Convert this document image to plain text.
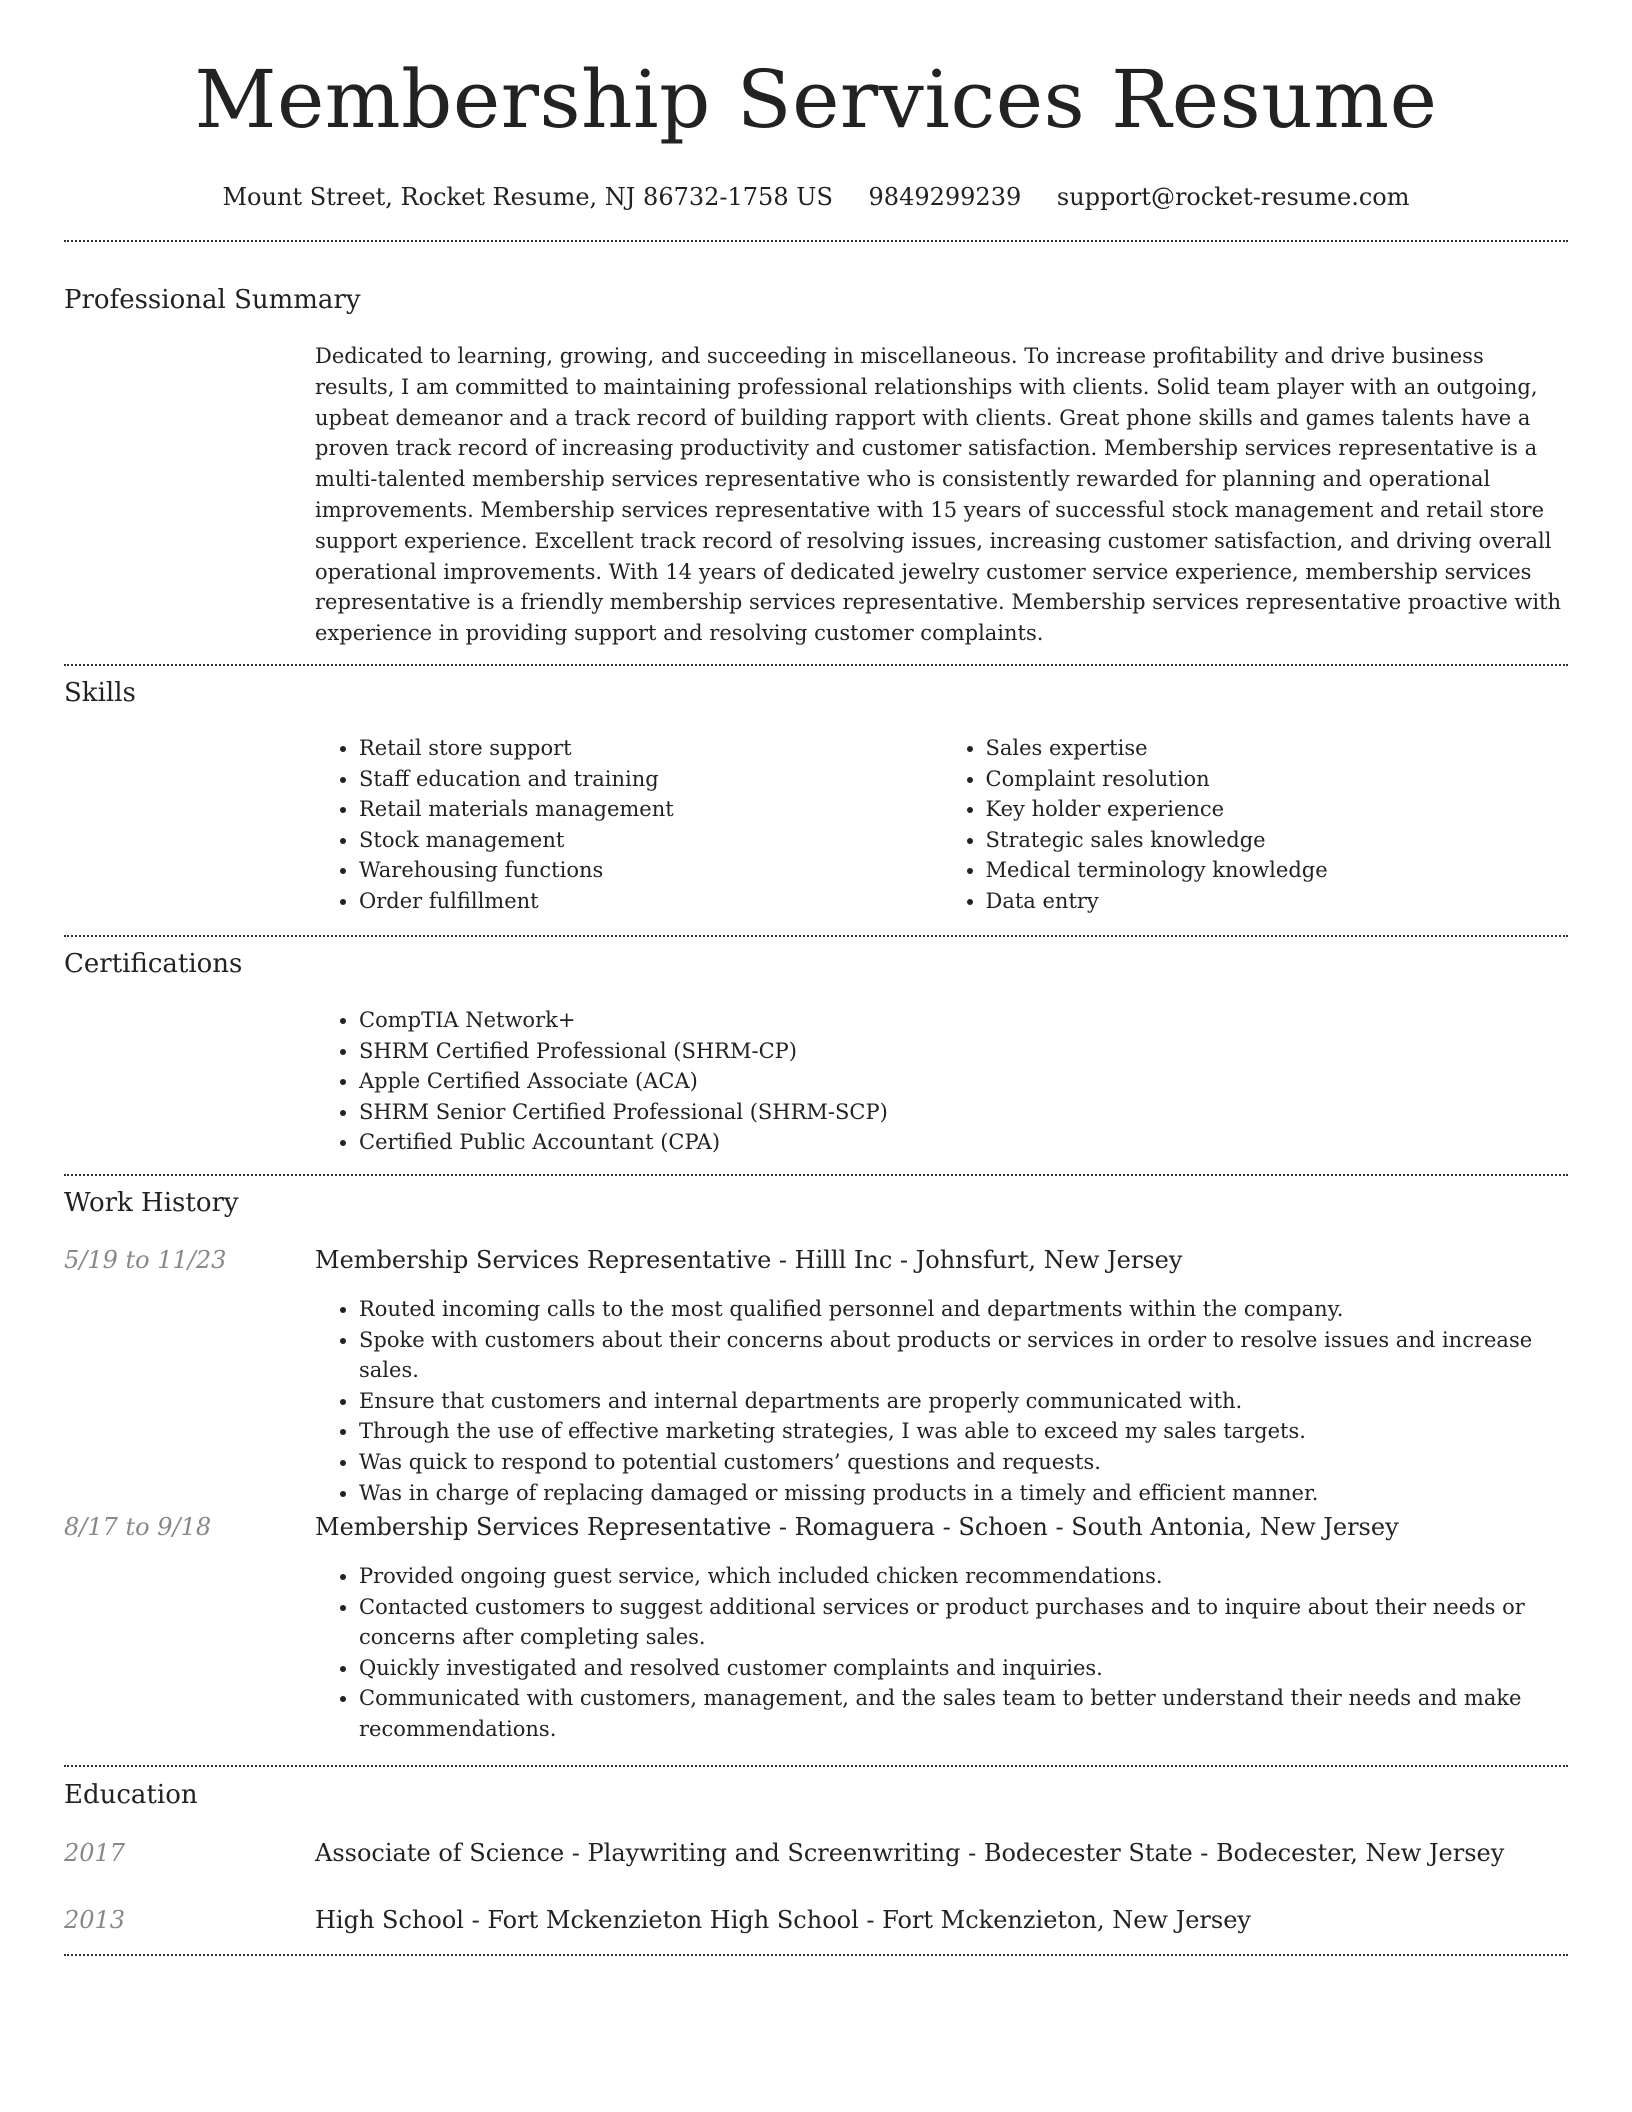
Membership Services Resume
Mount Street, Rocket Resume, NJ 86732-1758 US 9849299239 support@rocket-resume.com
Professional Summary
Dedicated to learning, growing, and succeeding in miscellaneous. To increase profitability and drive business results, I am committed to maintaining professional relationships with clients. Solid team player with an outgoing, upbeat demeanor and a track record of building rapport with clients. Great phone skills and games talents have a proven track record of increasing productivity and customer satisfaction. Membership services representative is a multi-talented membership services representative who is consistently rewarded for planning and operational improvements. Membership services representative with 15 years of successful stock management and retail store support experience. Excellent track record of resolving issues, increasing customer satisfaction, and driving overall operational improvements. With 14 years of dedicated jewelry customer service experience, membership services representative is a friendly membership services representative. Membership services representative proactive with experience in providing support and resolving customer complaints.
Skills
• Retail store support
• Staff education and training
• Retail materials management
• Stock management
• Warehousing functions
• Order fulfillment
• Sales expertise
• Complaint resolution
• Key holder experience
• Strategic sales knowledge
• Medical terminology knowledge
• Data entry
Certifications
• CompTIA Network+
• SHRM Certified Professional (SHRM-CP)
• Apple Certified Associate (ACA)
• SHRM Senior Certified Professional (SHRM-SCP)
• Certified Public Accountant (CPA)
Work History
5/19 to 11/23	Membership Services Representative - Hilll Inc - Johnsfurt, New Jersey
• Routed incoming calls to the most qualified personnel and departments within the company.
• Spoke with customers about their concerns about products or services in order to resolve issues and increase sales.
• Ensure that customers and internal departments are properly communicated with.
• Through the use of effective marketing strategies, I was able to exceed my sales targets.
• Was quick to respond to potential customers’ questions and requests.
• Was in charge of replacing damaged or missing products in a timely and efficient manner.
8/17 to 9/18	Membership Services Representative - Romaguera - Schoen - South Antonia, New Jersey
• Provided ongoing guest service, which included chicken recommendations.
• Contacted customers to suggest additional services or product purchases and to inquire about their needs or concerns after completing sales.
• Quickly investigated and resolved customer complaints and inquiries.
• Communicated with customers, management, and the sales team to better understand their needs and make recommendations.
Education
2017	Associate of Science - Playwriting and Screenwriting - Bodecester State - Bodecester, New Jersey
2013	High School - Fort Mckenzieton High School - Fort Mckenzieton, New Jersey
